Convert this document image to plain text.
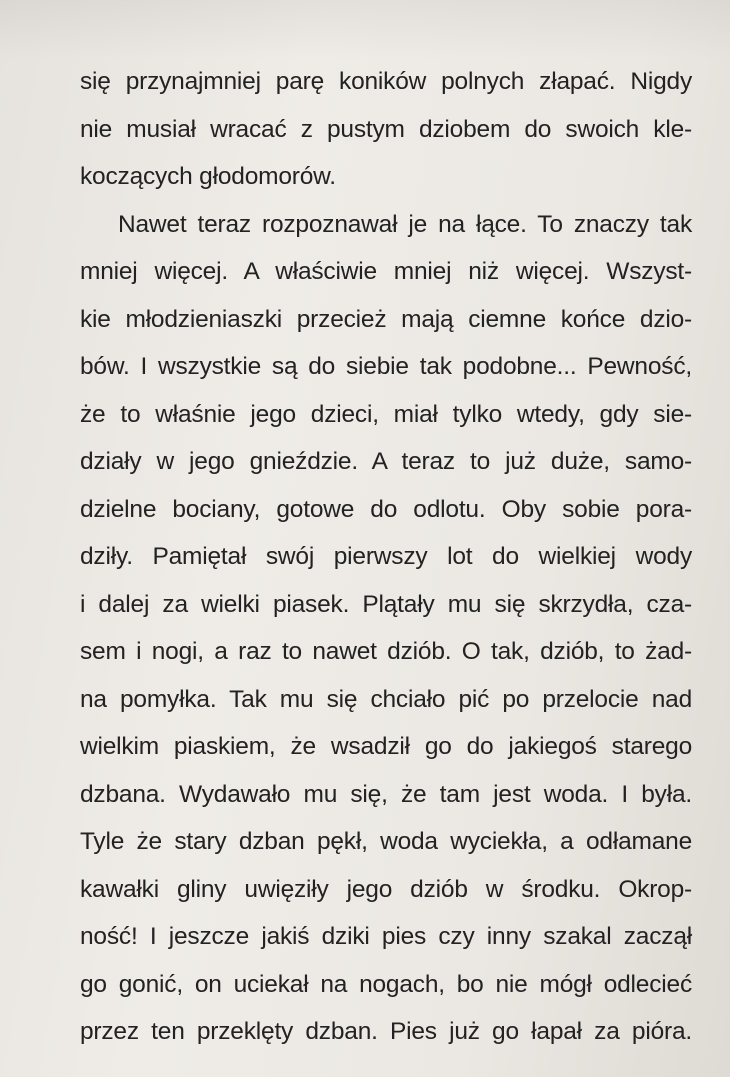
się przynajmniej parę koników polnych złapać. Nigdy
nie musiał wracać z pustym dziobem do swoich kle-
koczących głodomorów.
Nawet teraz rozpoznawał je na łące. To znaczy tak
mniej więcej. A właściwie mniej niż więcej. Wszyst-
kie młodzieniaszki przecież mają ciemne końce dzio-
bów. I wszystkie są do siebie tak podobne... Pewność,
że to właśnie jego dzieci, miał tylko wtedy, gdy sie-
działy w jego gnieździe. A teraz to już duże, samo-
dzielne bociany, gotowe do odlotu. Oby sobie pora-
dziły. Pamiętał swój pierwszy lot do wielkiej wody
i dalej za wielki piasek. Plątały mu się skrzydła, cza-
sem i nogi, a raz to nawet dziób. O tak, dziób, to żad-
na pomyłka. Tak mu się chciało pić po przelocie nad
wielkim piaskiem, że wsadził go do jakiegoś starego
dzbana. Wydawało mu się, że tam jest woda. I była.
Tyle że stary dzban pękł, woda wyciekła, a odłamane
kawałki gliny uwięziły jego dziób w środku. Okrop-
ność! I jeszcze jakiś dziki pies czy inny szakal zaczął
go gonić, on uciekał na nogach, bo nie mógł odlecieć
przez ten przeklęty dzban. Pies już go łapał za pióra.
